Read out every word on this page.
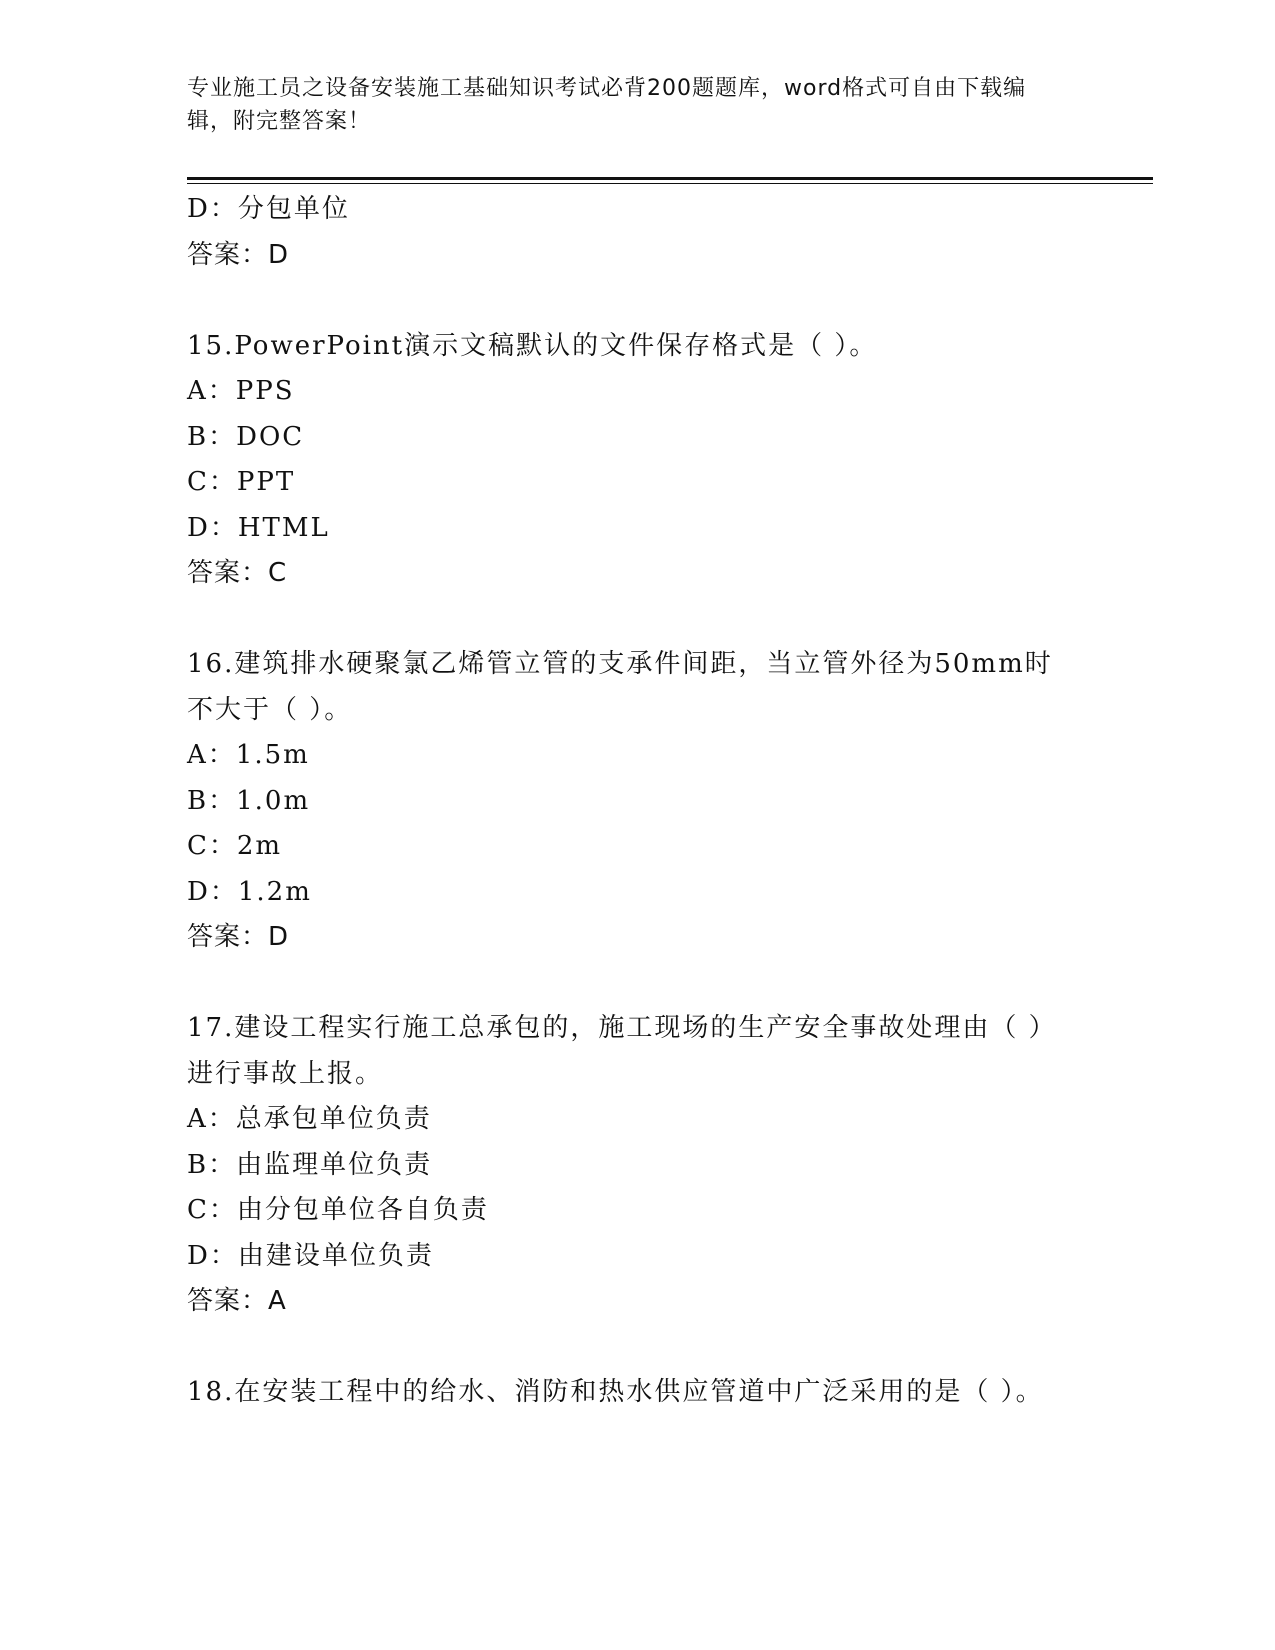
专业施工员之设备安装施工基础知识考试必背200题题库，word格式可自由下载编辑，附完整答案！
D：分包单位
答案：D
15.PowerPoint演示文稿默认的文件保存格式是（ ）。
A：PPS
B：DOC
C：PPT
D：HTML
答案：C
16.建筑排水硬聚氯乙烯管立管的支承件间距，当立管外径为50mm时不大于（ ）。
A：1.5m
B：1.0m
C：2m
D：1.2m
答案：D
17.建设工程实行施工总承包的，施工现场的生产安全事故处理由（ ）进行事故上报。
A：总承包单位负责
B：由监理单位负责
C：由分包单位各自负责
D：由建设单位负责
答案：A
18.在安装工程中的给水、消防和热水供应管道中广泛采用的是（ ）。
